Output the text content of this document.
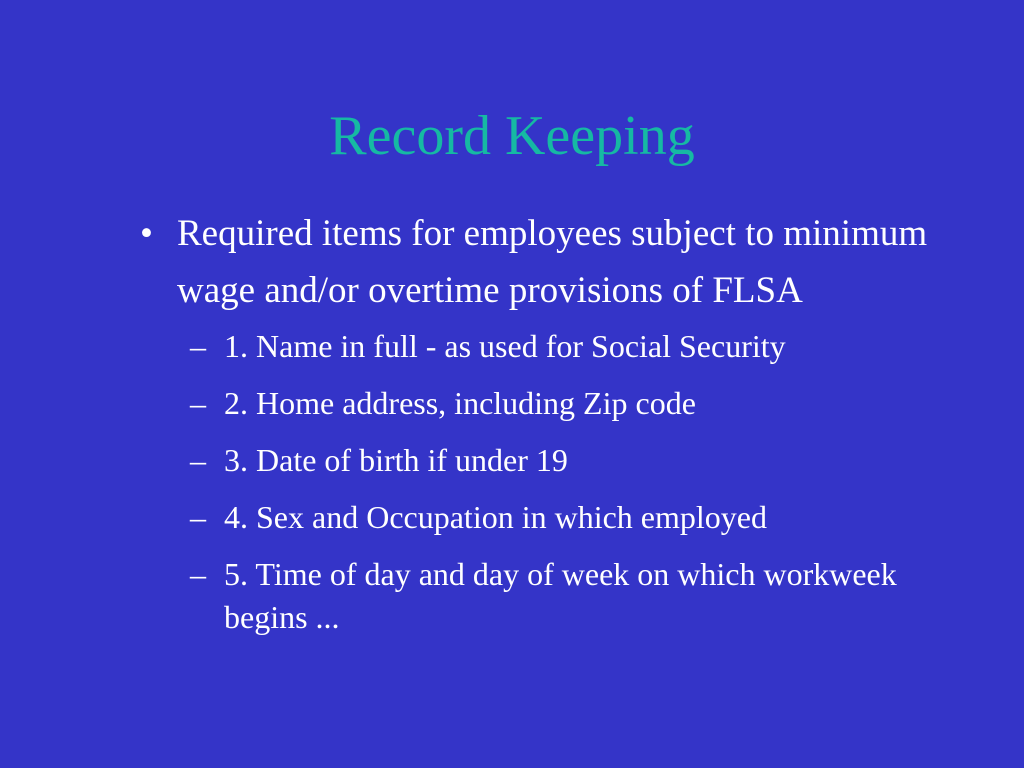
Record Keeping
• Required items for employees subject to minimum wage and/or overtime provisions of FLSA
– 1. Name in full - as used for Social Security
– 2. Home address, including Zip code
– 3. Date of birth if under 19
– 4. Sex and Occupation in which employed
– 5. Time of day and day of week on which workweek begins ...
